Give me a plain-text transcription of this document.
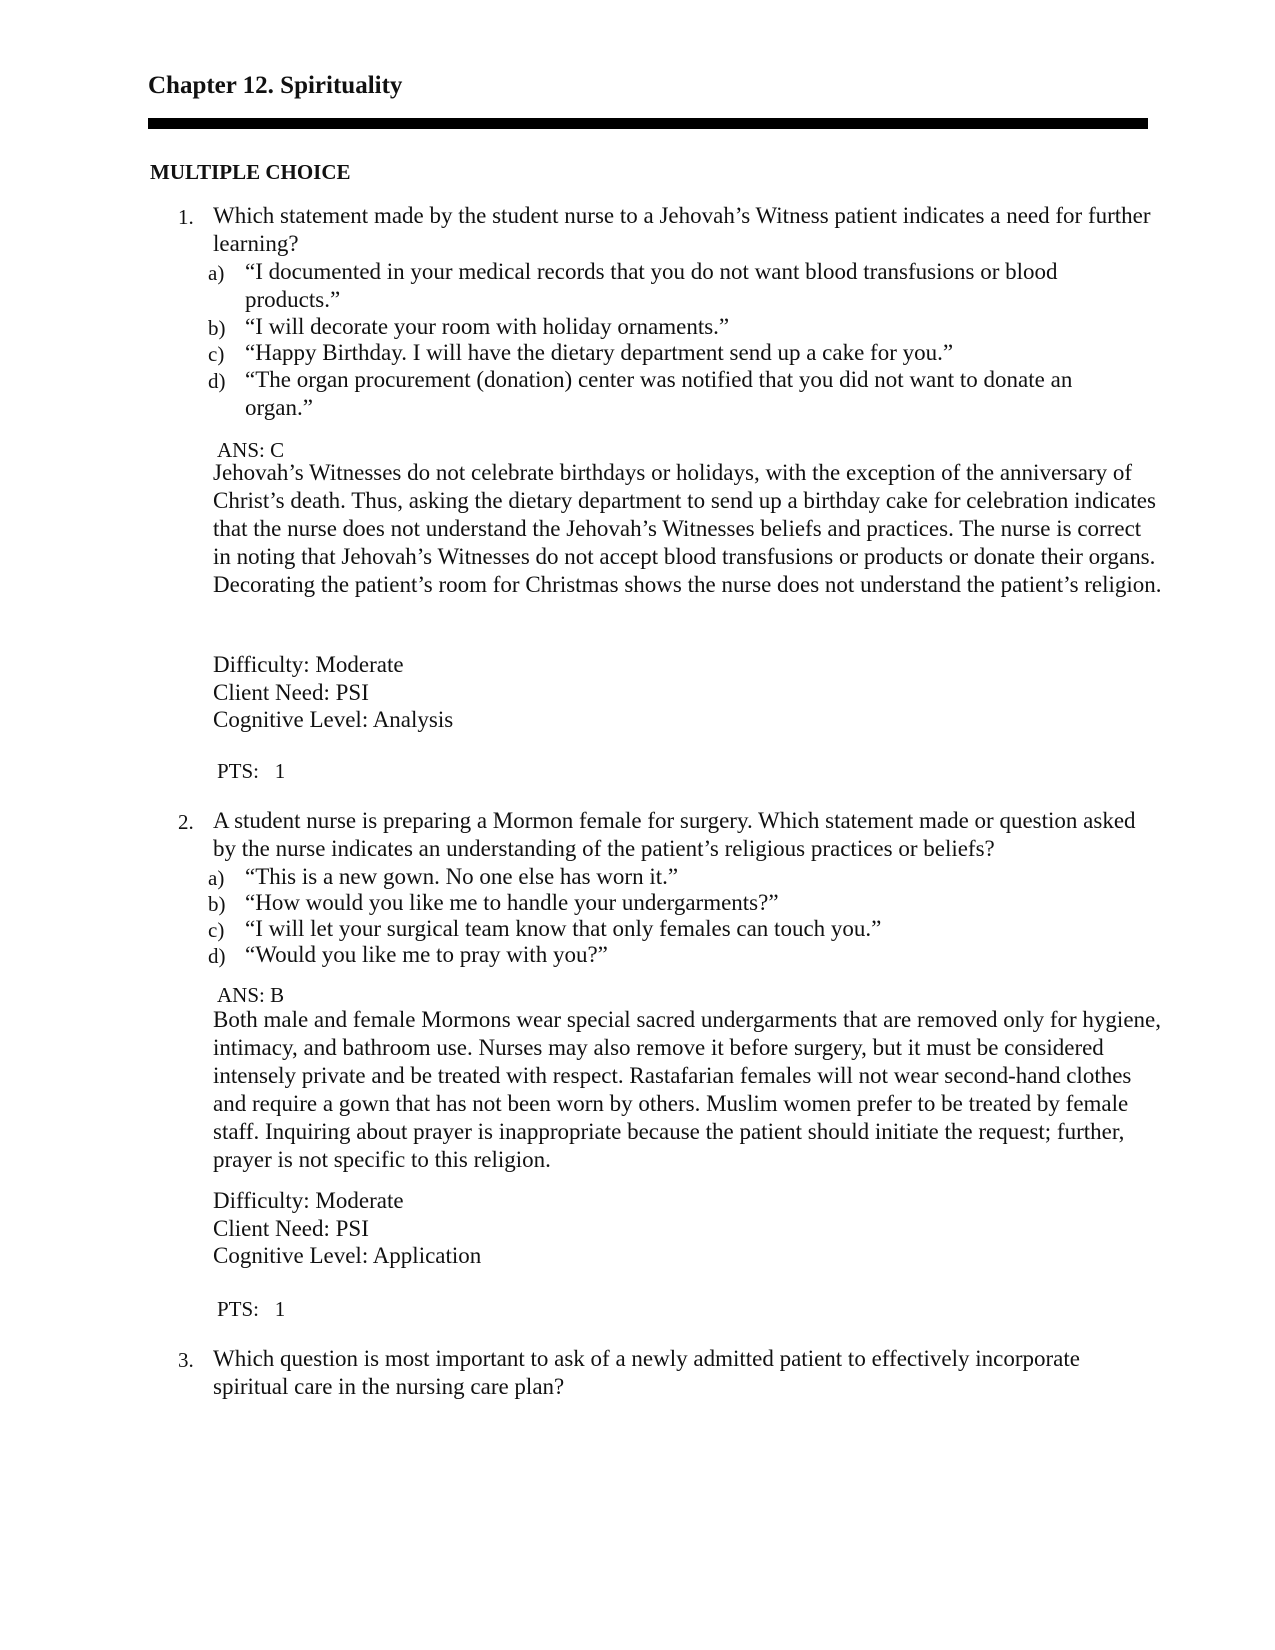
Chapter 12. Spirituality
MULTIPLE CHOICE
1. Which statement made by the student nurse to a Jehovah’s Witness patient indicates a need for further learning?

a) “I documented in your medical records that you do not want blood transfusions or blood products.”

b) “I will decorate your room with holiday ornaments.”

c) “Happy Birthday. I will have the dietary department send up a cake for you.”

d) “The organ procurement (donation) center was notified that you did not want to donate an organ.”

ANS: C

Jehovah’s Witnesses do not celebrate birthdays or holidays, with the exception of the anniversary of Christ’s death. Thus, asking the dietary department to send up a birthday cake for celebration indicates that the nurse does not understand the Jehovah’s Witnesses beliefs and practices. The nurse is correct in noting that Jehovah’s Witnesses do not accept blood transfusions or products or donate their organs. Decorating the patient’s room for Christmas shows the nurse does not understand the patient’s religion.

Difficulty: Moderate
Client Need: PSI
Cognitive Level: Analysis
PTS:   1
2. A student nurse is preparing a Mormon female for surgery. Which statement made or question asked by the nurse indicates an understanding of the patient’s religious practices or beliefs?

a) “This is a new gown. No one else has worn it.”

b) “How would you like me to handle your undergarments?”

c) “I will let your surgical team know that only females can touch you.”

d) “Would you like me to pray with you?”

ANS: B

Both male and female Mormons wear special sacred undergarments that are removed only for hygiene, intimacy, and bathroom use. Nurses may also remove it before surgery, but it must be considered intensely private and be treated with respect. Rastafarian females will not wear second-hand clothes and require a gown that has not been worn by others. Muslim women prefer to be treated by female staff. Inquiring about prayer is inappropriate because the patient should initiate the request; further, prayer is not specific to this religion.

Difficulty: Moderate
Client Need: PSI
Cognitive Level: Application
PTS:   1
3. Which question is most important to ask of a newly admitted patient to effectively incorporate spiritual care in the nursing care plan?
